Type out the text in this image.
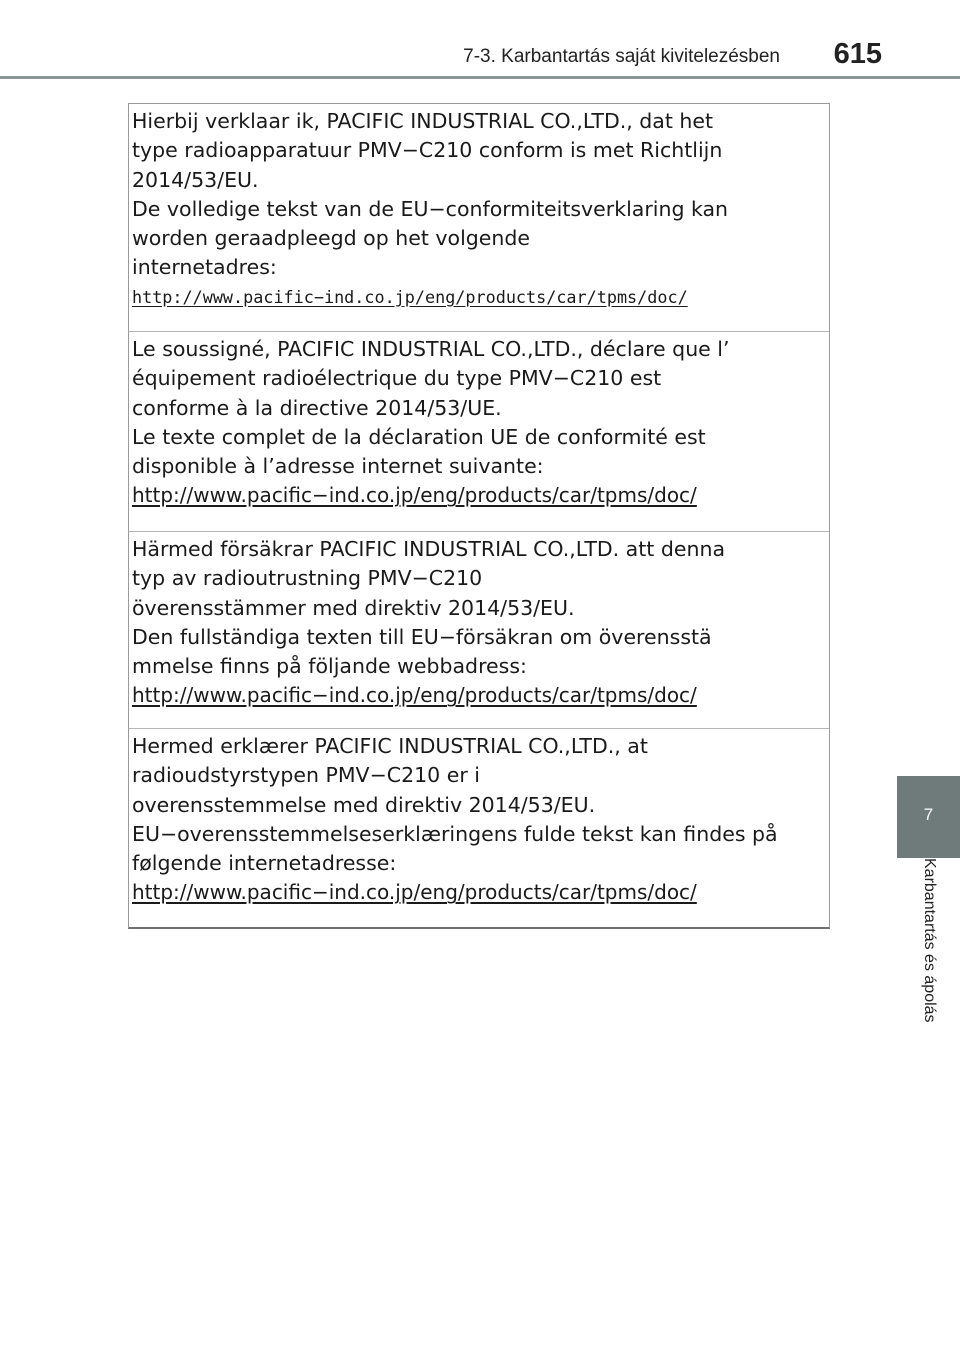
7-3. Karbantartás saját kivitelezésben 615
7
Karbantartás és ápolás
Hierbij verklaar ik, PACIFIC INDUSTRIAL CO.,LTD., dat het
type radioapparatuur PMV−C210 conform is met Richtlijn
2014/53/EU.
De volledige tekst van de EU−conformiteitsverklaring kan
worden geraadpleegd op het volgende
internetadres:
http://www.pacific−ind.co.jp/eng/products/car/tpms/doc/
Le soussigné, PACIFIC INDUSTRIAL CO.,LTD., déclare que l’
équipement radioélectrique du type PMV−C210 est
conforme à la directive 2014/53/UE.
Le texte complet de la déclaration UE de conformité est
disponible à l’adresse internet suivante:
http://www.pacific−ind.co.jp/eng/products/car/tpms/doc/
Härmed försäkrar PACIFIC INDUSTRIAL CO.,LTD. att denna
typ av radioutrustning PMV−C210
överensstämmer med direktiv 2014/53/EU.
Den fullständiga texten till EU−försäkran om överensstä
mmelse finns på följande webbadress:
http://www.pacific−ind.co.jp/eng/products/car/tpms/doc/
Hermed erklærer PACIFIC INDUSTRIAL CO.,LTD., at
radioudstyrstypen PMV−C210 er i
overensstemmelse med direktiv 2014/53/EU.
EU−overensstemmelseserklæringens fulde tekst kan findes på
følgende internetadresse:
http://www.pacific−ind.co.jp/eng/products/car/tpms/doc/
